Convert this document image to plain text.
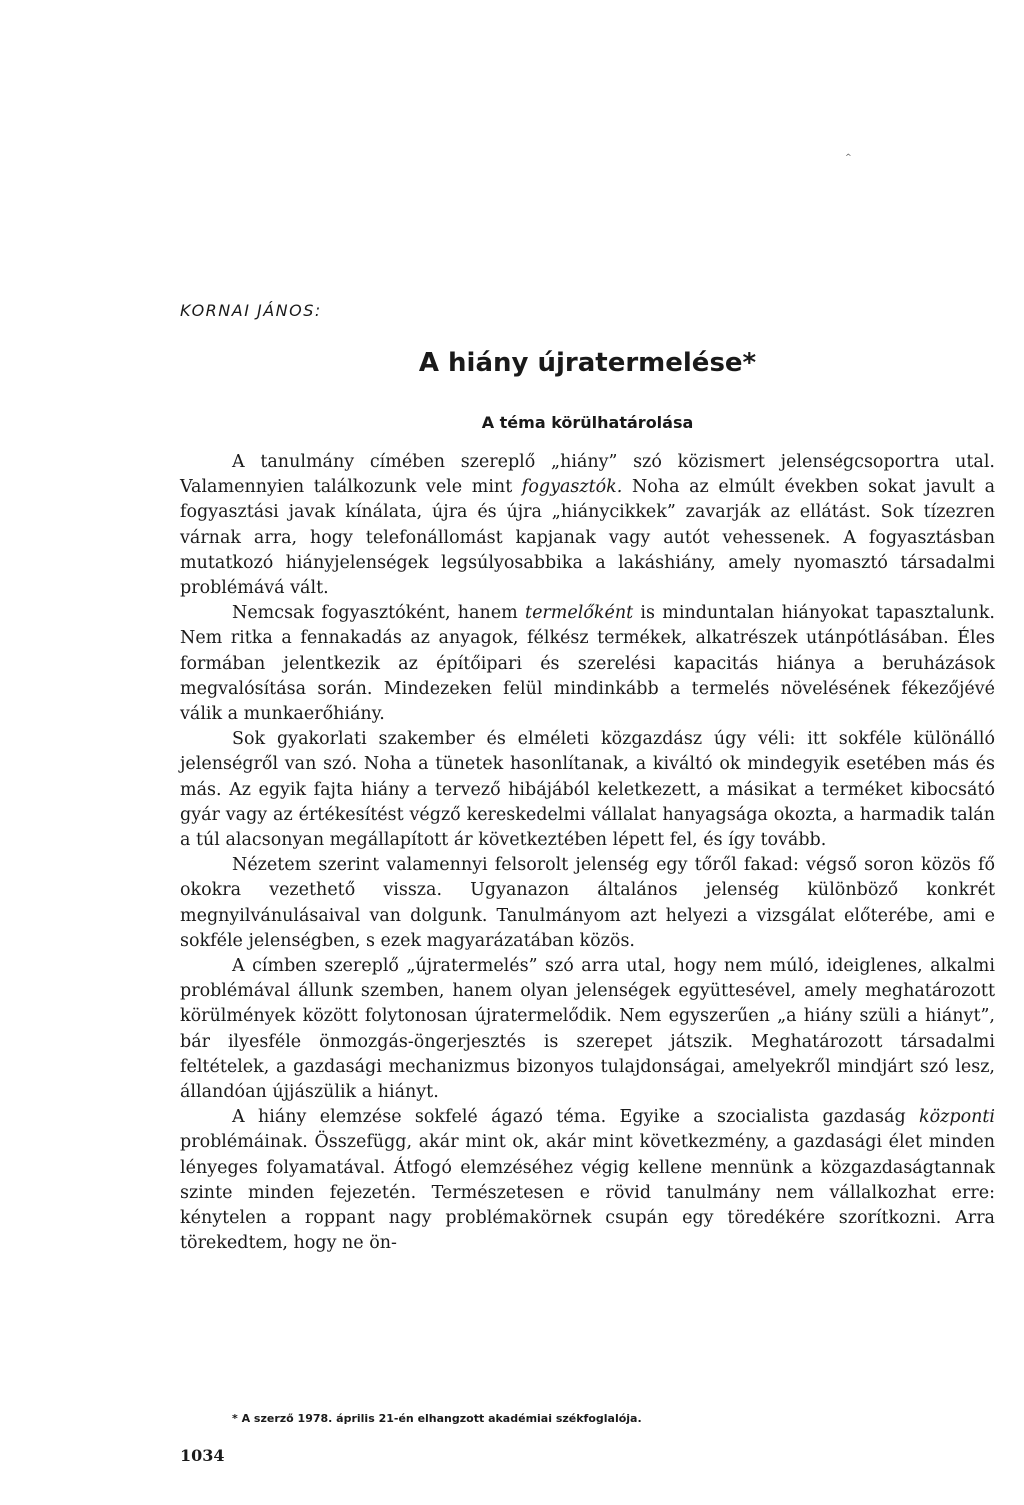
^
KORNAI JÁNOS:
A hiány újratermelése*
A téma körülhatárolása

A tanulmány címében szereplő „hiány” szó közismert jelenségcsoportra utal. Valamennyien találkozunk vele mint fogyasztók. Noha az elmúlt években sokat javult a fogyasztási javak kínálata, újra és újra „hiánycikkek” zavarják az ellátást. Sok tízezren várnak arra, hogy telefonállomást kapjanak vagy autót vehessenek. A fogyasztásban mutatkozó hiányjelenségek legsúlyosabbika a lakáshiány, amely nyomasztó társadalmi problémává vált.

Nemcsak fogyasztóként, hanem termelőként is minduntalan hiányokat tapasztalunk. Nem ritka a fennakadás az anyagok, félkész termékek, alkatrészek utánpótlásában. Éles formában jelentkezik az építőipari és szerelési kapacitás hiánya a beruházások megvalósítása során. Mindezeken felül mindinkább a termelés növelésének fékezőjévé válik a munkaerőhiány.

Sok gyakorlati szakember és elméleti közgazdász úgy véli: itt sokféle különálló jelenségről van szó. Noha a tünetek hasonlítanak, a kiváltó ok mindegyik esetében más és más. Az egyik fajta hiány a tervező hibájából keletkezett, a másikat a terméket kibocsátó gyár vagy az értékesítést végző kereskedelmi vállalat hanyagsága okozta, a harmadik talán a túl alacsonyan megállapított ár következtében lépett fel, és így tovább.

Nézetem szerint valamennyi felsorolt jelenség egy tőről fakad: végső soron közös fő okokra vezethető vissza. Ugyanazon általános jelenség különböző konkrét megnyilvánulásaival van dolgunk. Tanulmányom azt helyezi a vizsgálat előterébe, ami e sokféle jelenségben, s ezek magyarázatában közös.

A címben szereplő „újratermelés” szó arra utal, hogy nem múló, ideiglenes, alkalmi problémával állunk szemben, hanem olyan jelenségek együttesével, amely meghatározott körülmények között folytonosan újratermelődik. Nem egyszerűen „a hiány szüli a hiányt”, bár ilyesféle önmozgás-öngerjesztés is szerepet játszik. Meghatározott társadalmi feltételek, a gazdasági mechanizmus bizonyos tulajdonságai, amelyekről mindjárt szó lesz, állandóan újjászülik a hiányt.

A hiány elemzése sokfelé ágazó téma. Egyike a szocialista gazdaság központi problémáinak. Összefügg, akár mint ok, akár mint következmény, a gazdasági élet minden lényeges folyamatával. Átfogó elemzéséhez végig kellene mennünk a közgazdaságtannak szinte minden fejezetén. Természetesen e rövid tanulmány nem vállalkozhat erre: kénytelen a roppant nagy problémakörnek csupán egy töredékére szorítkozni. Arra törekedtem, hogy ne ön-

* A szerző 1978. április 21-én elhangzott akadémiai székfoglalója.
1034
